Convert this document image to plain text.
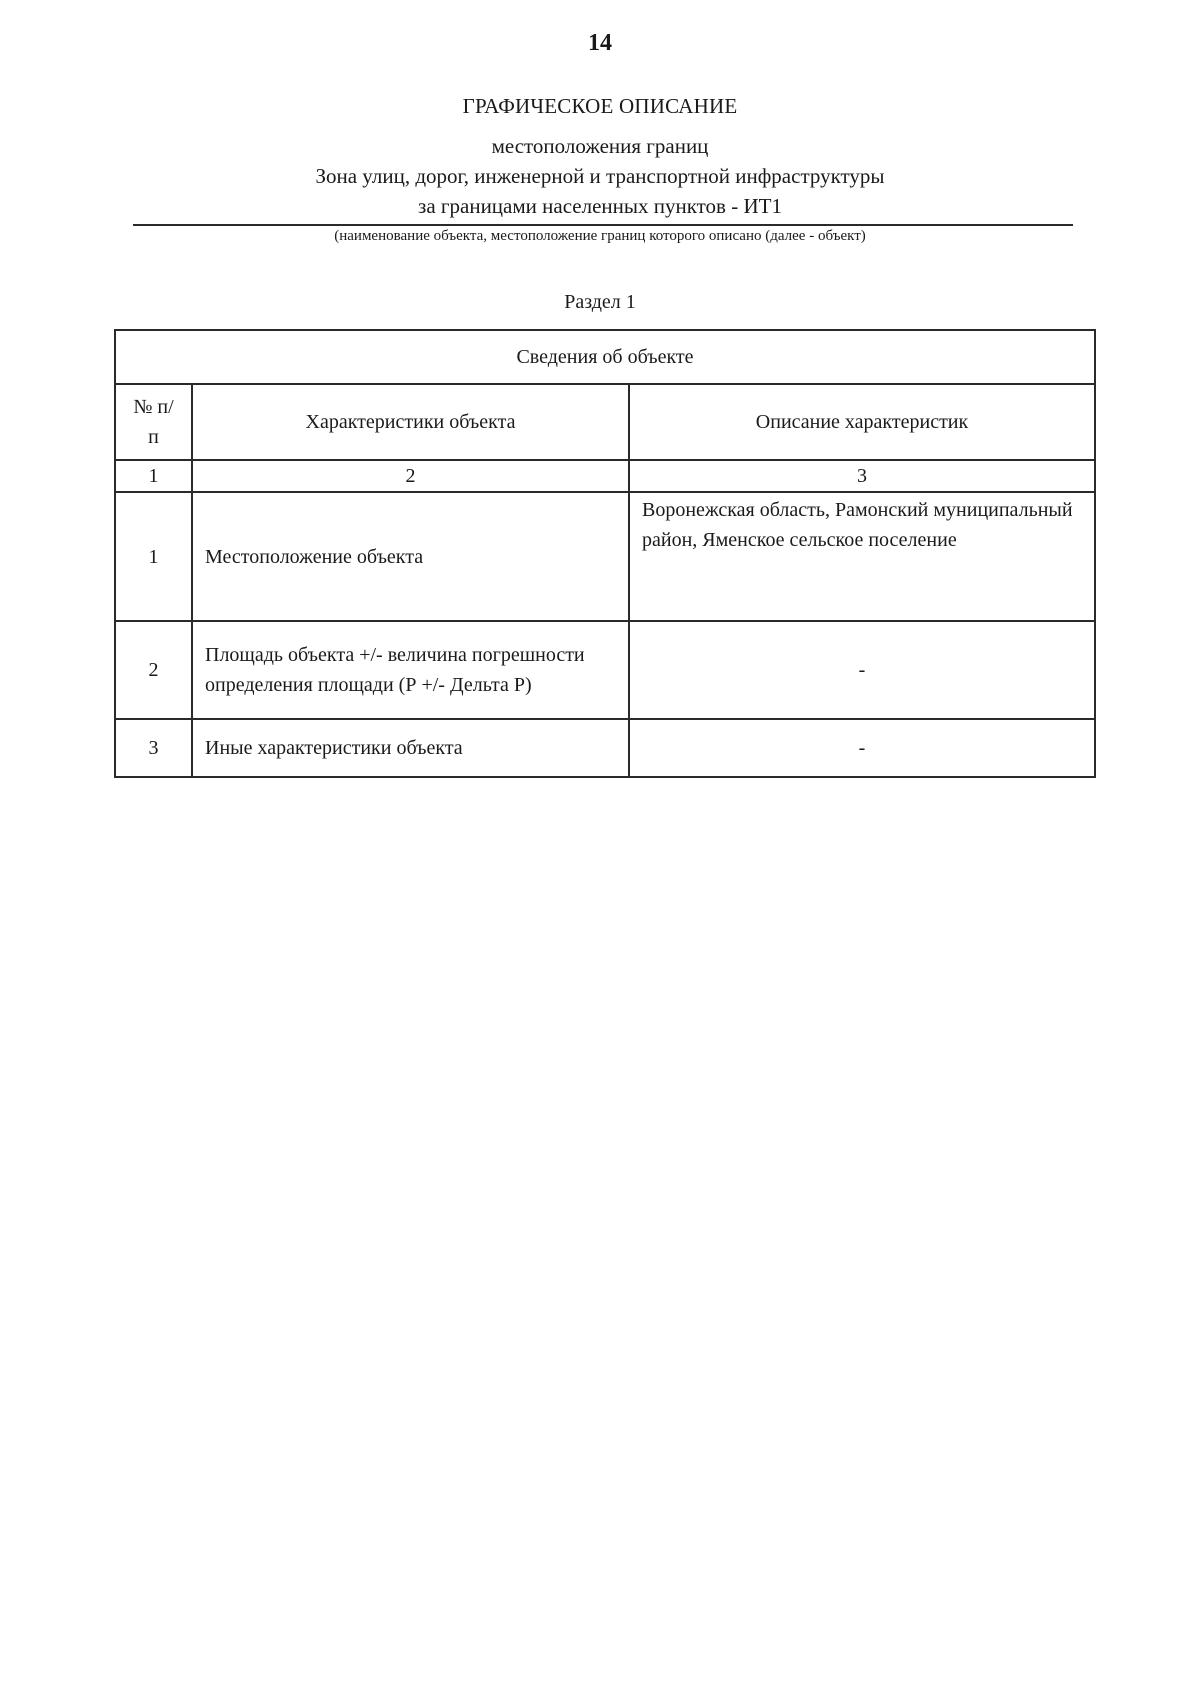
14
ГРАФИЧЕСКОЕ ОПИСАНИЕ
местоположения границ
Зона улиц, дорог, инженерной и транспортной инфраструктуры
за границами населенных пунктов - ИТ1
(наименование объекта, местоположение границ которого описано (далее - объект)
Раздел 1
Сведения об объекте		
№ п/п	Характеристики объекта	Описание характеристик
1	2	3
1	Местоположение объекта	Воронежская область, Рамонский муниципальный район, Яменское сельское поселение
2	Площадь объекта +/- величина погрешности определения площади (Р +/- Дельта Р)	-
3	Иные характеристики объекта	-
